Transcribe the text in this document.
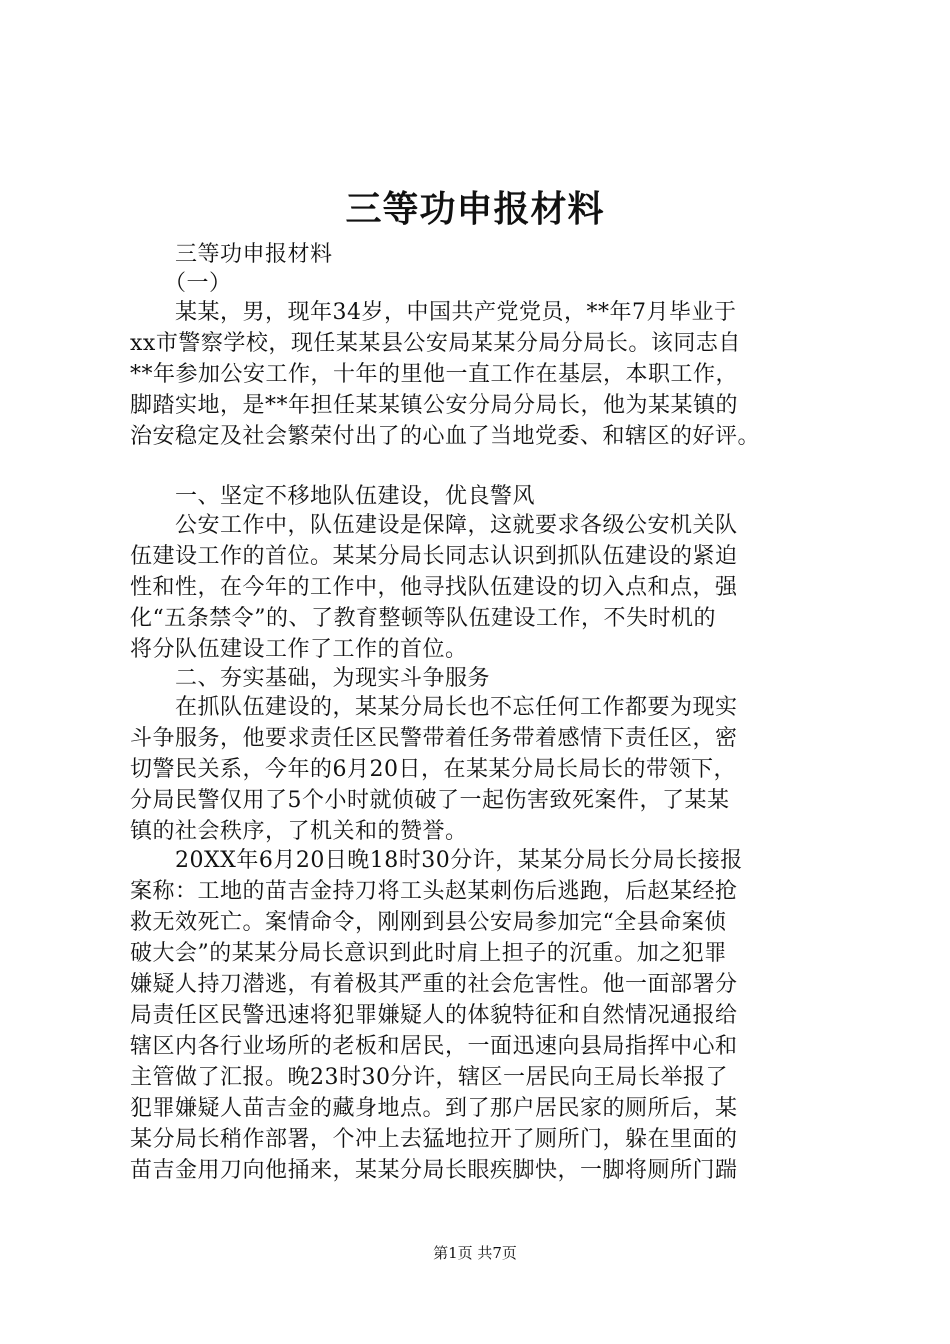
三等功申报材料
　　三等功申报材料
　　（一）
　　某某，男，现年34岁，中国共产党党员，**年7月毕业于
xx市警察学校，现任某某县公安局某某分局分局长。该同志自
**年参加公安工作，十年的里他一直工作在基层，本职工作，
脚踏实地，是**年担任某某镇公安分局分局长，他为某某镇的
治安稳定及社会繁荣付出了的心血了当地党委、和辖区的好评。
　　一、坚定不移地队伍建设，优良警风
　　公安工作中，队伍建设是保障，这就要求各级公安机关队
伍建设工作的首位。某某分局长同志认识到抓队伍建设的紧迫
性和性，在今年的工作中，他寻找队伍建设的切入点和点，强
化“五条禁令”的、了教育整顿等队伍建设工作，不失时机的
将分队伍建设工作了工作的首位。
　　二、夯实基础，为现实斗争服务
　　在抓队伍建设的，某某分局长也不忘任何工作都要为现实
斗争服务，他要求责任区民警带着任务带着感情下责任区，密
切警民关系，今年的6月20日，在某某分局长局长的带领下，
分局民警仅用了5个小时就侦破了一起伤害致死案件，了某某
镇的社会秩序，了机关和的赞誉。
　　20XX年6月20日晚18时30分许，某某分局长分局长接报
案称：工地的苗吉金持刀将工头赵某刺伤后逃跑，后赵某经抢
救无效死亡。案情命令，刚刚到县公安局参加完“全县命案侦
破大会”的某某分局长意识到此时肩上担子的沉重。加之犯罪
嫌疑人持刀潜逃，有着极其严重的社会危害性。他一面部署分
局责任区民警迅速将犯罪嫌疑人的体貌特征和自然情况通报给
辖区内各行业场所的老板和居民，一面迅速向县局指挥中心和
主管做了汇报。晚23时30分许，辖区一居民向王局长举报了
犯罪嫌疑人苗吉金的藏身地点。到了那户居民家的厕所后，某
某分局长稍作部署，个冲上去猛地拉开了厕所门，躲在里面的
苗吉金用刀向他捅来，某某分局长眼疾脚快，一脚将厕所门踹
第1页 共7页
